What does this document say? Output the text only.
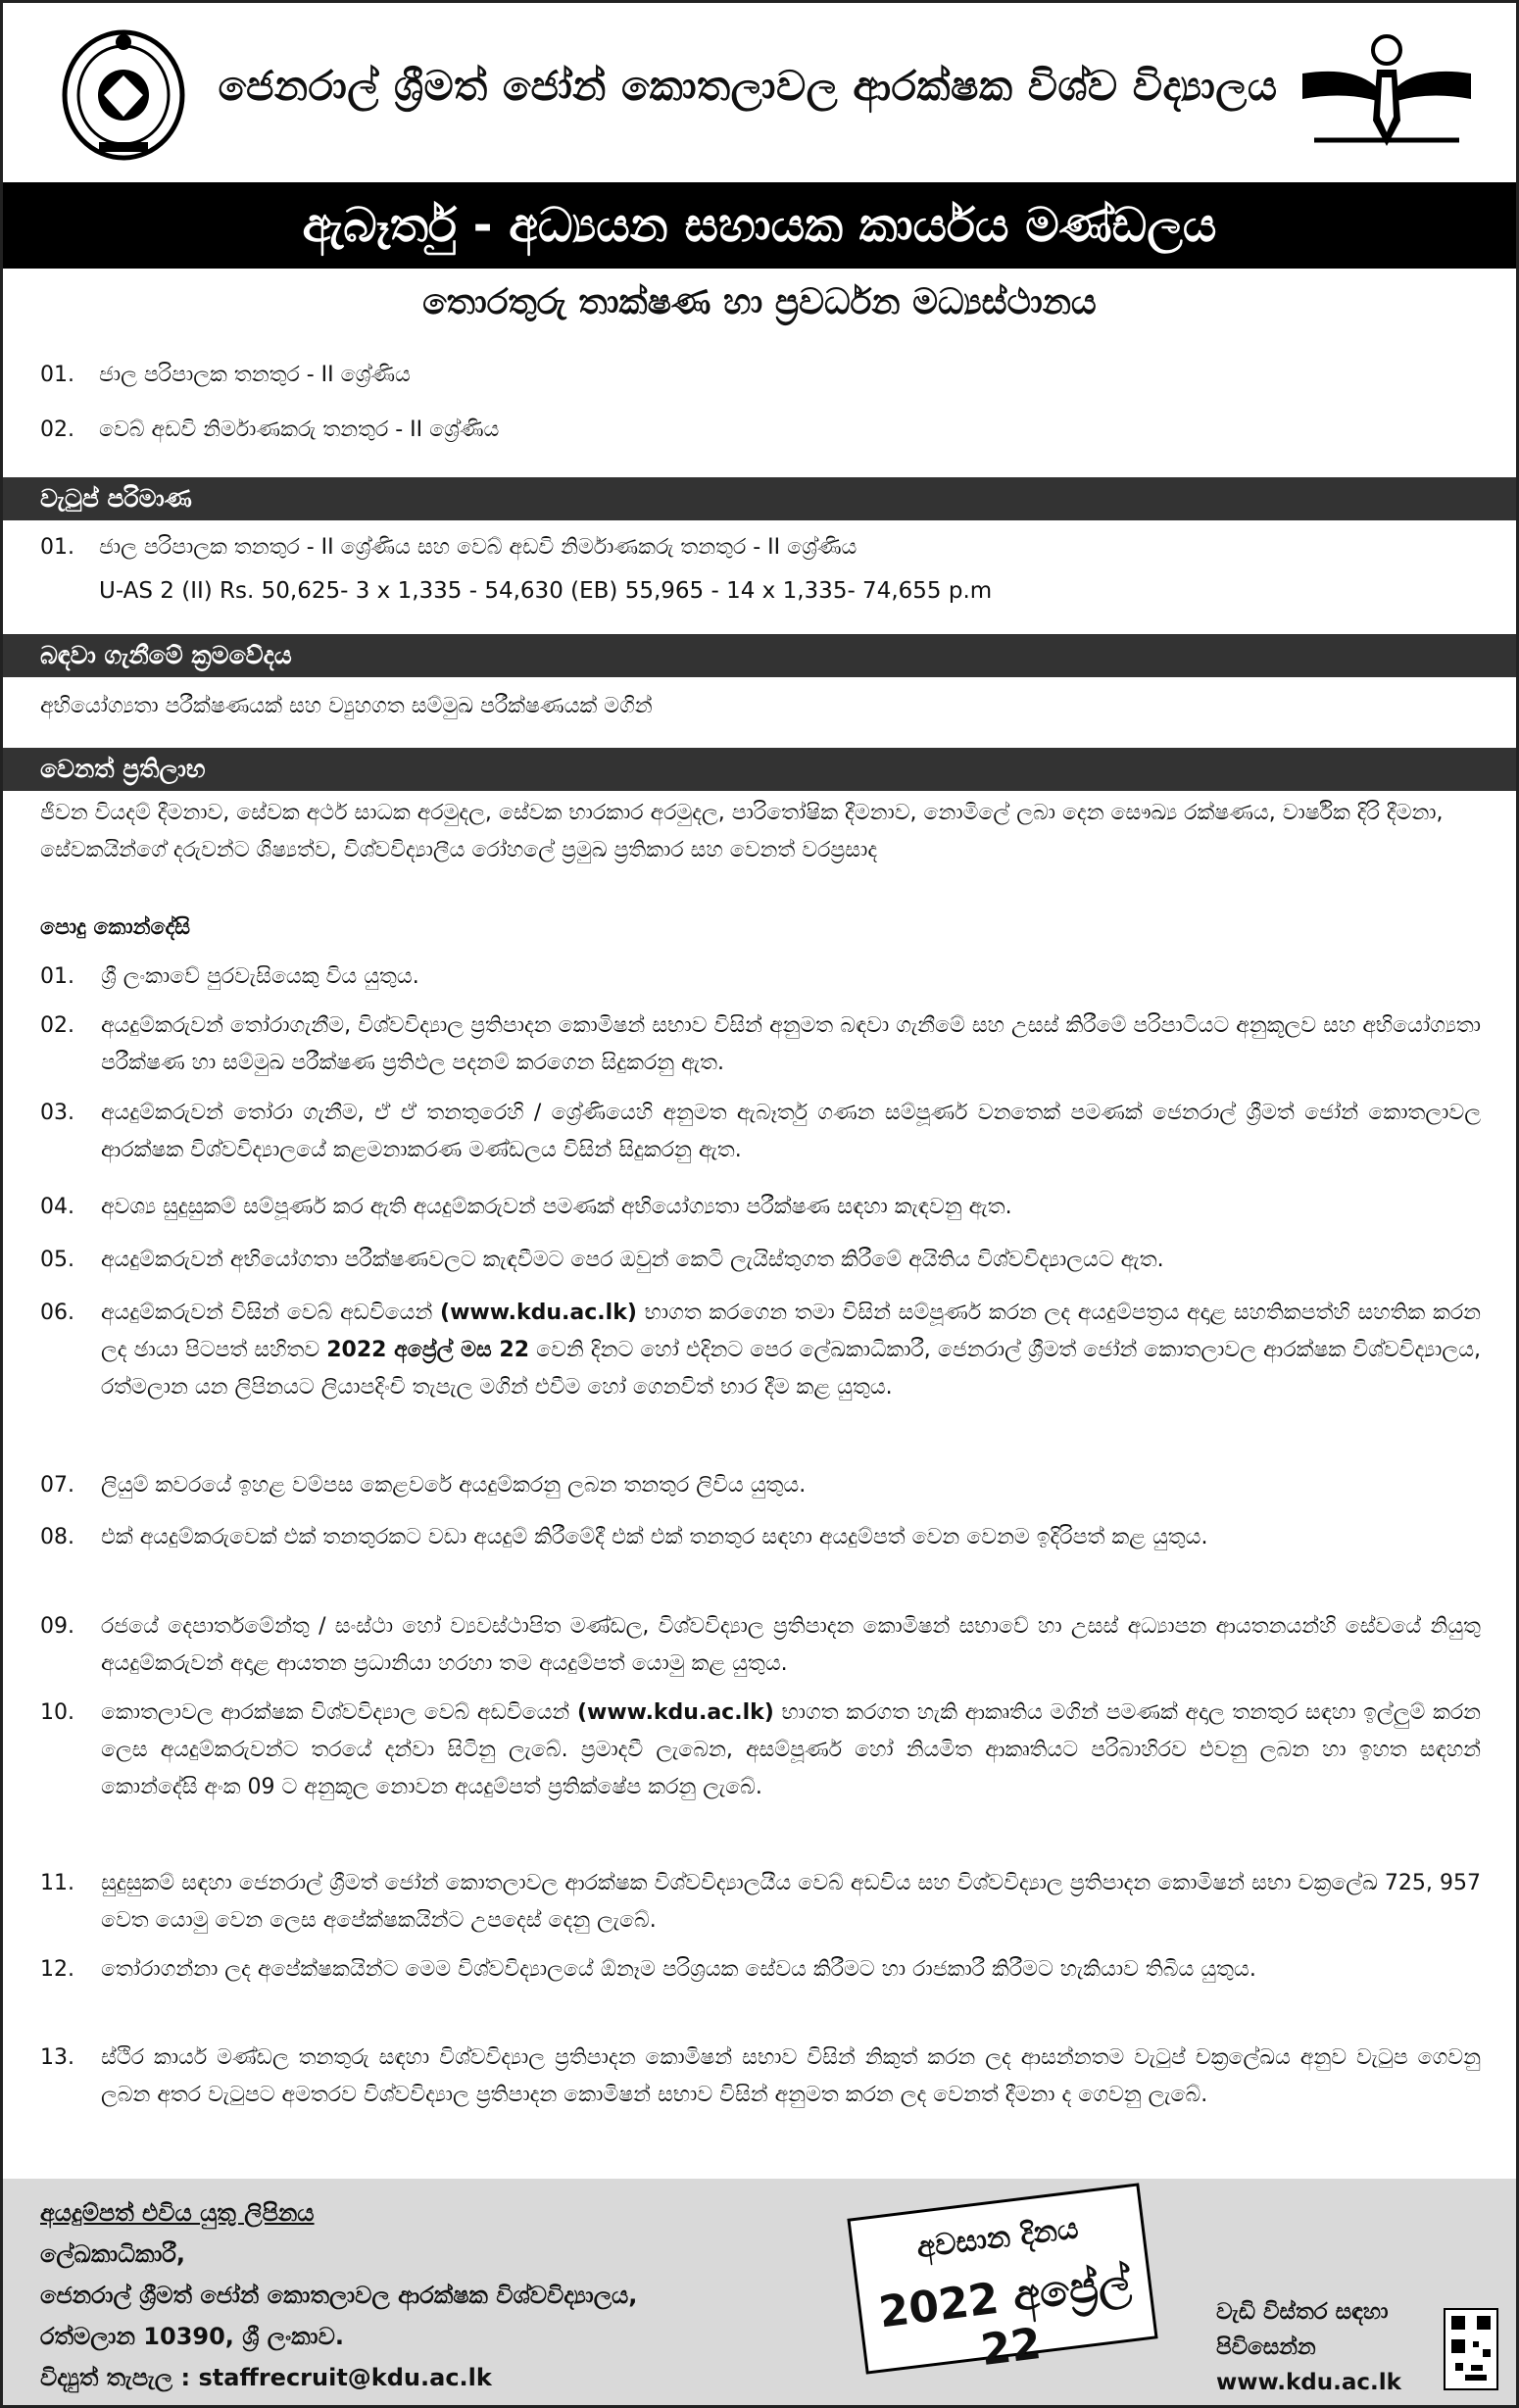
ජෙනරාල් ශ්‍රීමත් ජෝන් කොතලාවල ආරක්ෂක විශ්ව විද්‍යාලය
ඇබෑර්තු - අධ්‍යයන සහායක කාර්යය මණ්ඩලය
තොරතුරු තාක්ෂණ හා ප්‍රවර්ධන මධ්‍යස්ථානය
01. ජාල පරිපාලක තනතුර - II ශ්‍රේණිය
02. වෙබ් අඩවි නිර්මාණකරු තනතුර - II ශ්‍රේණිය
වැටුප් පරිමාණ
01. ජාල පරිපාලක තනතුර - II ශ්‍රේණිය සහ වෙබ් අඩවි නිර්මාණකරු තනතුර - II ශ්‍රේණිය
U-AS 2 (II) Rs. 50,625- 3 x 1,335 - 54,630 (EB) 55,965 - 14 x 1,335- 74,655 p.m
බඳවා ගැනීමේ ක්‍රමවේදය
අභියෝග්‍යතා පරීක්ෂණයක් සහ ව්‍යුහගත සම්මුඛ පරීක්ෂණයක් මගින්
වෙනත් ප්‍රතිලාභ
ජීවන වියදම් දීමනාව, සේවක අර්ථ සාධක අරමුදල, සේවක භාරකාර අරමුදල, පාරිතෝෂික දීමනාව, නොමිලේ ලබා දෙන සෞඛ්‍ය රක්ෂණය, වාර්ෂික දිරි දීමනා, සේවකයින්ගේ දරුවන්ට ශිෂ්‍යත්ව, විශ්වවිද්‍යාලීය රෝහලේ ප්‍රමුඛ ප්‍රතිකාර සහ වෙනත් වරප්‍රසාද
පොදු කොන්දේසි
01.	ශ්‍රී ලංකාවේ පුරවැසියෙකු විය යුතුය.
02.	අයදුම්කරුවන් තෝරාගැනීම, විශ්වවිද්‍යාල ප්‍රතිපාදන කොමිෂන් සභාව විසින් අනුමත බඳවා ගැනීමේ සහ උසස් කිරීමේ පරිපාටියට අනුකූලව සහ අභියෝග්‍යතා පරීක්ෂණ හා සම්මුඛ පරීක්ෂණ ප්‍රතිඵල පදනම් කරගෙන සිදුකරනු ඇත.
03.	අයදුම්කරුවන් තෝරා ගැනීම, ඒ ඒ තනතුරෙහි / ශ්‍රේණියෙහි අනුමත ඇබෑර්තු ගණන සම්පූර්ණ වනතෙක් පමණක් ජෙනරාල් ශ්‍රීමත් ජෝන් කොතලාවල ආරක්ෂක විශ්වවිද්‍යාලයේ කළමනාකරණ මණ්ඩලය විසින් සිදුකරනු ඇත.
04.	අවශ්‍ය සුදුසුකම් සම්පූර්ණ කර ඇති අයදුම්කරුවන් පමණක් අභියෝග්‍යතා පරීක්ෂණ සඳහා කැඳවනු ඇත.
05.	අයදුම්කරුවන් අභියෝගතා පරීක්ෂණවලට කැඳවීමට පෙර ඔවුන් කෙටි ලැයිස්තුගත කිරීමේ අයිතිය විශ්වවිද්‍යාලයට ඇත.
06.	අයදුම්කරුවන් විසින් වෙබ් අඩවියෙන් (www.kdu.ac.lk) භාගත කරගෙන තමා විසින් සම්පූර්ණ කරන ලද අයදුම්පත්‍රය අදාළ සහතිකපත්‍හි සහතික කරන ලද ඡායා පිටපත් සහිතව 2022 අප්‍රේල් මස 22 වෙනි දිනට හෝ එදිනට පෙර ලේඛකාධිකාරී, ජෙනරාල් ශ්‍රීමත් ජෝන් කොතලාවල ආරක්ෂක විශ්වවිද්‍යාලය, රත්මලාන යන ලිපිනයට ලියාපදිංචි තැපැල මගින් එවීම හෝ ගෙනවිත් භාර දීම කළ යුතුය.
07.	ලියුම් කවරයේ ඉහළ වම්පස කෙළවරේ අයදුම්කරනු ලබන තනතුර ලිවිය යුතුය.
08.	එක් අයදුම්කරුවෙක් එක් තනතුරකට වඩා අයදුම් කිරීමේදී එක් එක් තනතුර සඳහා අයදුම්පත් වෙන වෙනම ඉදිරිපත් කළ යුතුය.
09.	රජයේ දෙපාර්තමේන්තු / සංස්ථා හෝ ව්‍යවස්ථාපිත මණ්ඩල, විශ්වවිද්‍යාල ප්‍රතිපාදන කොමිෂන් සභාවේ හා උසස් අධ්‍යාපන ආයතනයන්හි සේවයේ නියුතු අයදුම්කරුවන් අදාළ ආයතන ප්‍රධානියා හරහා තම අයදුම්පත් යොමු කළ යුතුය.
10.	කොතලාවල ආරක්ෂක විශ්වවිද්‍යාල වෙබ් අඩවියෙන් (www.kdu.ac.lk) භාගත කරගත හැකි ආකෘතිය මගින් පමණක් අදාල තනතුර සඳහා ඉල්ලුම් කරන ලෙස අයදුම්කරුවන්ට තරයේ දන්වා සිටිනු ලැබේ. ප්‍රමාදවී ලැබෙන, අසම්පූර්ණ හෝ නියමිත ආකෘතියට පරිබාහිරව එවනු ලබන හා ඉහත සඳහන් කොන්දේසි අංක 09 ට අනුකූල නොවන අයදුම්පත් ප්‍රතික්ෂේප කරනු ලැබේ.
11.	සුදුසුකම් සඳහා ජෙනරාල් ශ්‍රීමත් ජෝන් කොතලාවල ආරක්ෂක විශ්වවිද්‍යාලයීය වෙබ් අඩවිය සහ විශ්වවිද්‍යාල ප්‍රතිපාදන කොමිෂන් සභා චක්‍රලේඛ 725, 957 වෙත යොමු වෙන ලෙස අපේක්ෂකයින්ට උපදෙස් දෙනු ලැබේ.
12.	තෝරාගන්නා ලද අපේක්ෂකයින්ට මෙම විශ්වවිද්‍යාලයේ ඕනෑම පරිශ්‍රයක සේවය කිරීමට හා රාජකාරී කිරීමට හැකියාව තිබිය යුතුය.
13.	ස්ථිර කාර්ය මණ්ඩල තනතුරු සඳහා විශ්වවිද්‍යාල ප්‍රතිපාදන කොමිෂන් සභාව විසින් නිකුත් කරන ලද ආසන්නතම වැටුප් චක්‍රලේඛය අනුව වැටුප ගෙවනු ලබන අතර වැටුපට අමතරව විශ්වවිද්‍යාල ප්‍රතිපාදන කොමිෂන් සභාව විසින් අනුමත කරන ලද වෙනත් දීමනා ද ගෙවනු ලැබේ.
අයදුම්පත් එවිය යුතු ලිපිනය
ලේඛකාධිකාරී,
ජෙනරාල් ශ්‍රීමත් ජෝන් කොතලාවල ආරක්ෂක විශ්වවිද්‍යාලය,
රත්මලාන 10390, ශ්‍රී ලංකාව.
විද්‍යුත් තැපැල : staffrecruit@kdu.ac.lk
අවසාන දිනය
2022 අප්‍රේල් 22
වැඩි විස්තර සඳහා
පිවිසෙන්න
www.kdu.ac.lk
